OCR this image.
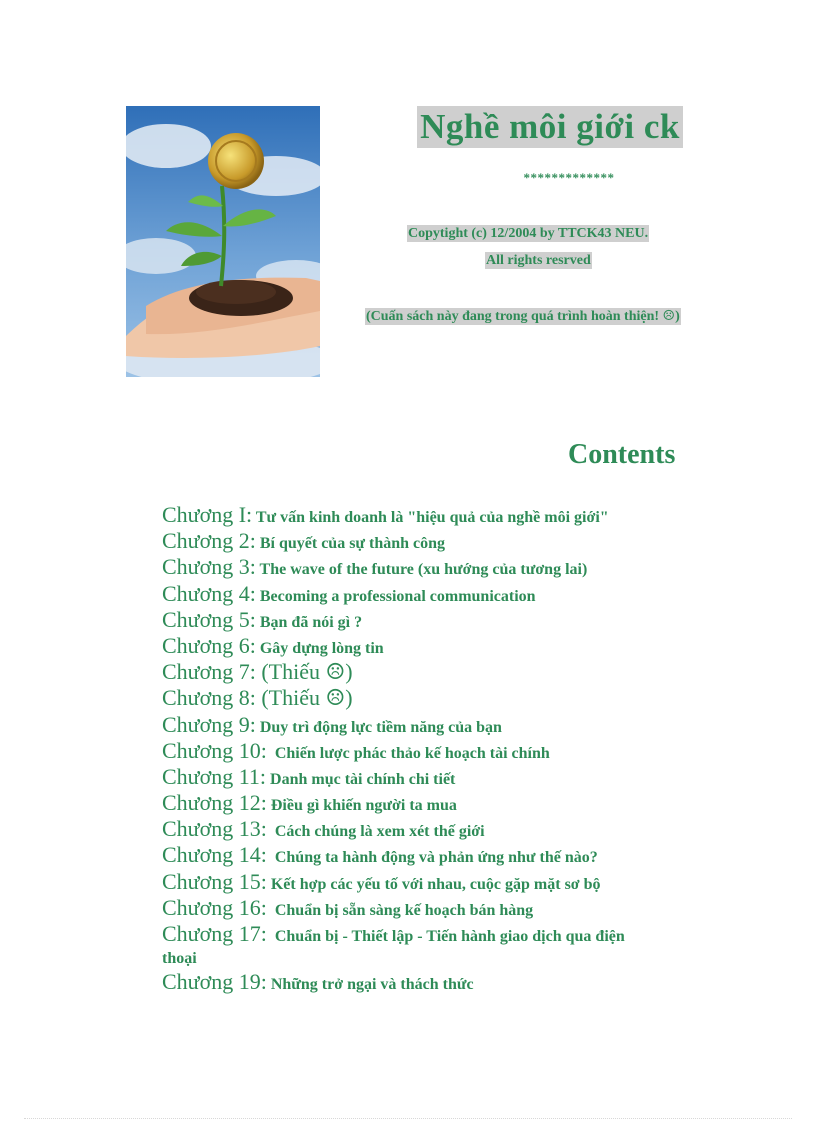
Nghề môi giới ck
*************
Copytight (c) 12/2004 by TTCK43 NEU.
All rights resrved
(Cuấn sách này đang trong quá trình hoàn thiện! ☹)
Contents
Chương I: Tư vấn kinh doanh là "hiệu quả của nghề môi giới"
Chương 2: Bí quyết của sự thành công
Chương 3: The wave of the future (xu hướng của tương lai)
Chương 4: Becoming a professional communication
Chương 5: Bạn đã nói gì ?
Chương 6: Gây dựng lòng tin
Chương 7: (Thiếu ☹)
Chương 8: (Thiếu ☹)
Chương 9: Duy trì động lực tiềm năng của bạn
Chương 10:  Chiến lược phác thảo kế hoạch tài chính
Chương 11: Danh mục tài chính chi tiết
Chương 12: Điều gì khiến người ta mua
Chương 13:  Cách chúng là xem xét thế giới
Chương 14:  Chúng ta hành động và phản ứng như thế nào?
Chương 15: Kết hợp các yếu tố với nhau, cuộc gặp mặt sơ bộ
Chương 16:  Chuẩn bị sẵn sàng kế hoạch bán hàng
Chương 17:  Chuẩn bị - Thiết lập - Tiến hành giao dịch qua điện
thoại
Chương 19: Những trở ngại và thách thức
